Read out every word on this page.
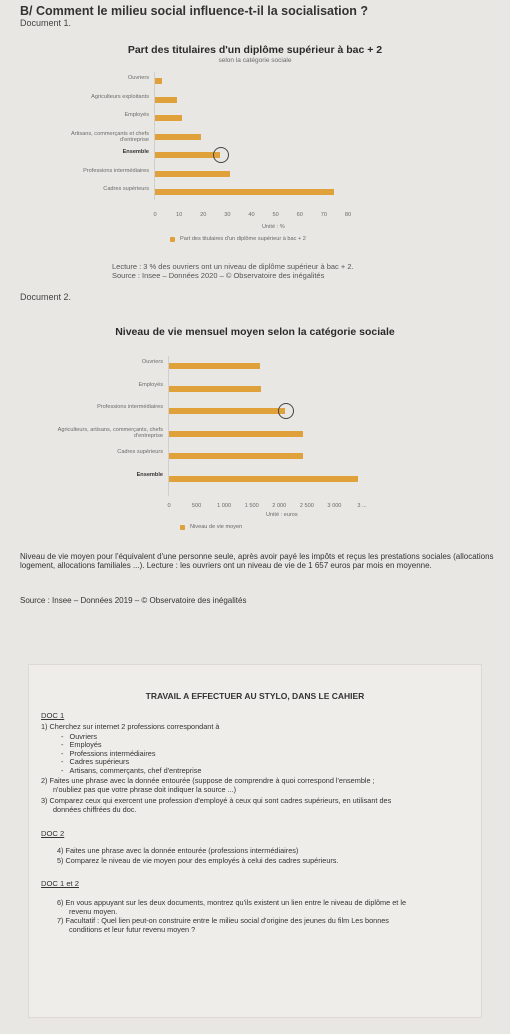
B/ Comment le milieu social influence-t-il la socialisation ?
Document 1.
Part des titulaires d'un diplôme supérieur à bac + 2
selon la catégorie sociale
Ouvriers
Agriculteurs exploitants
Employés
Artisans, commerçants et chefs d'entreprise
Ensemble
Professions intermédiaires
Cadres supérieurs
0	10	20	30	40	50	60	70	80
Unité : %
Part des titulaires d'un diplôme supérieur à bac + 2
Lecture : 3 % des ouvriers ont un niveau de diplôme supérieur à bac + 2.
Source : Insee – Données 2020 – © Observatoire des inégalités
Document 2.
Niveau de vie mensuel moyen selon la catégorie sociale
Ouvriers
Employés
Professions intermédiaires
Agriculteurs, artisans, commerçants, chefs d'entreprise
Cadres supérieurs
Ensemble
0	500	1 000	1 500	2 000	2 500	3 000	3 ...
Unité : euros
Niveau de vie moyen
Niveau de vie moyen pour l'équivalent d'une personne seule, après avoir payé les impôts et reçus les prestations sociales (allocations logement, allocations familiales ...). Lecture : les ouvriers ont un niveau de vie de 1 657 euros par mois en moyenne.
Source : Insee – Données 2019 – © Observatoire des inégalités
TRAVAIL A EFFECTUER AU STYLO, DANS LE CAHIER
DOC 1
1) Cherchez sur internet 2 professions correspondant à
-   Ouvriers
-   Employés
-   Professions intermédiaires
-   Cadres supérieurs
-   Artisans, commerçants, chef d'entreprise
2) Faites une phrase avec la donnée entourée (suppose de comprendre à quoi correspond l'ensemble ;
n'oubliez pas que votre phrase doit indiquer la source ...)
3) Comparez ceux qui exercent une profession d'employé à ceux qui sont cadres supérieurs, en utilisant des
données chiffrées du doc.
DOC 2
4) Faites une phrase avec la donnée entourée (professions intermédiaires)
5) Comparez le niveau de vie moyen pour des employés à celui des cadres supérieurs.
DOC 1 et 2
6) En vous appuyant sur les deux documents, montrez qu'ils existent un lien entre le niveau de diplôme et le
revenu moyen.
7) Facultatif : Quel lien peut-on construire entre le milieu social d'origine des jeunes du film Les bonnes
conditions et leur futur revenu moyen ?
